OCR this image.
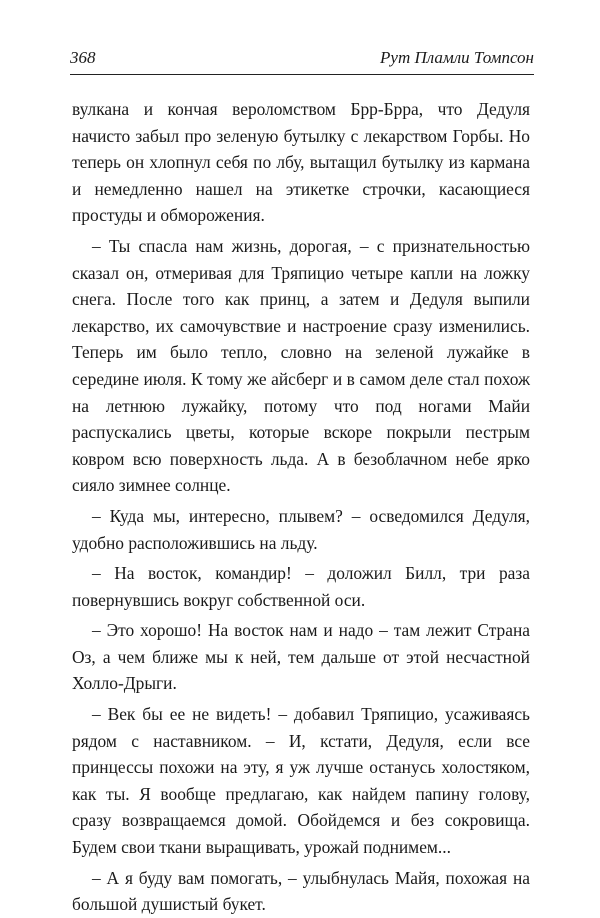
368	Рут Пламли Томпсон

вулкана и кончая вероломством Брр-Брра, что Дедуля начисто забыл про зеленую бутылку с лекарством Горбы. Но теперь он хлопнул себя по лбу, вытащил бутылку из кармана и немедленно нашел на этикетке строчки, касающиеся простуды и обморожения.

– Ты спасла нам жизнь, дорогая, – с признательностью сказал он, отмеривая для Тряпицио четыре капли на ложку снега. После того как принц, а затем и Дедуля выпили лекарство, их самочувствие и настроение сразу изменились. Теперь им было тепло, словно на зеленой лужайке в середине июля. К тому же айсберг и в самом деле стал похож на летнюю лужайку, потому что под ногами Майи распускались цветы, которые вскоре покрыли пестрым ковром всю поверхность льда. А в безоблачном небе ярко сияло зимнее солнце.

– Куда мы, интересно, плывем? – осведомился Дедуля, удобно расположившись на льду.

– На восток, командир! – доложил Билл, три раза повернувшись вокруг собственной оси.

– Это хорошо! На восток нам и надо – там лежит Страна Оз, а чем ближе мы к ней, тем дальше от этой несчастной Холло-Дрыги.

– Век бы ее не видеть! – добавил Тряпицио, усаживаясь рядом с наставником. – И, кстати, Дедуля, если все принцессы похожи на эту, я уж лучше останусь холостяком, как ты. Я вообще предлагаю, как найдем папину голову, сразу возвращаемся домой. Обойдемся и без сокровища. Будем свои ткани выращивать, урожай поднимем...

– А я буду вам помогать, – улыбнулась Майя, похожая на большой душистый букет.
